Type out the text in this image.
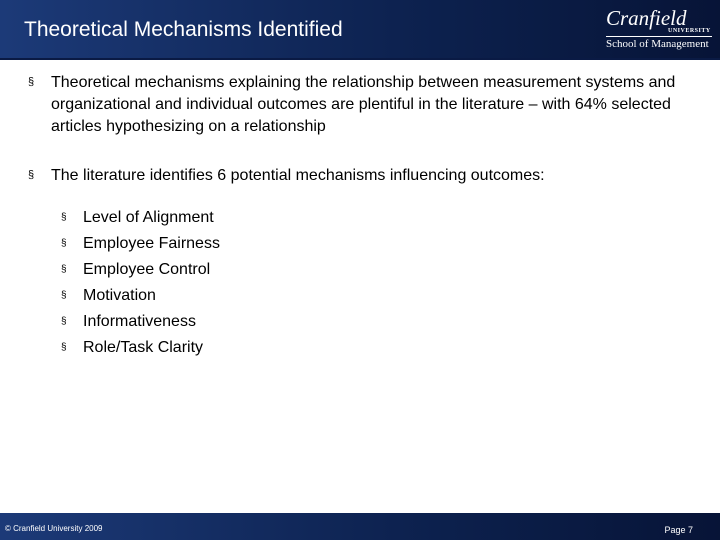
Theoretical Mechanisms Identified	Cranfield
UNIVERSITY
School of Management
§ Theoretical mechanisms explaining the relationship between measurement systems and organizational and individual outcomes are plentiful in the literature – with 64% selected articles hypothesizing on a relationship
§ The literature identifies 6 potential mechanisms influencing outcomes:
§ Level of Alignment
§ Employee Fairness
§ Employee Control
§ Motivation
§ Informativeness
§ Role/Task Clarity
© Cranfield University 2009	Page 7
